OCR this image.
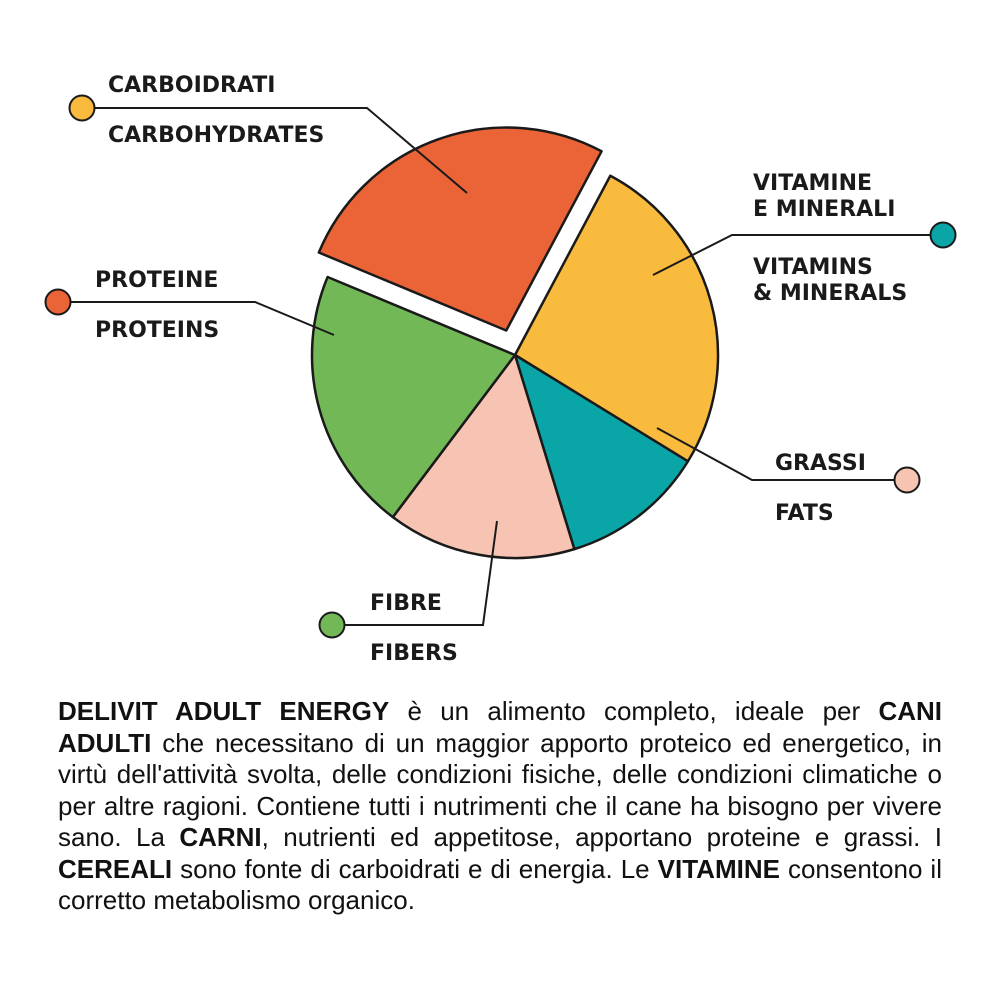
CARBOIDRATI
CARBOHYDRATES
VITAMINE E MINERALI
VITAMINS & MINERALS
GRASSI
FATS
FIBRE
FIBERS
PROTEINE
PROTEINS

DELIVIT ADULT ENERGY è un alimento completo, ideale per CANI ADULTI che necessitano di un maggior apporto proteico ed energetico, in virtù dell'attività svolta, delle condizioni fisiche, delle condizioni climatiche o per altre ragioni. Contiene tutti i nutrimenti che il cane ha bisogno per vivere sano. La CARNI, nutrienti ed appetitose, apportano proteine e grassi. I CEREALI sono fonte di carboidrati e di energia. Le VITAMINE consentono il corretto metabolismo organico.
